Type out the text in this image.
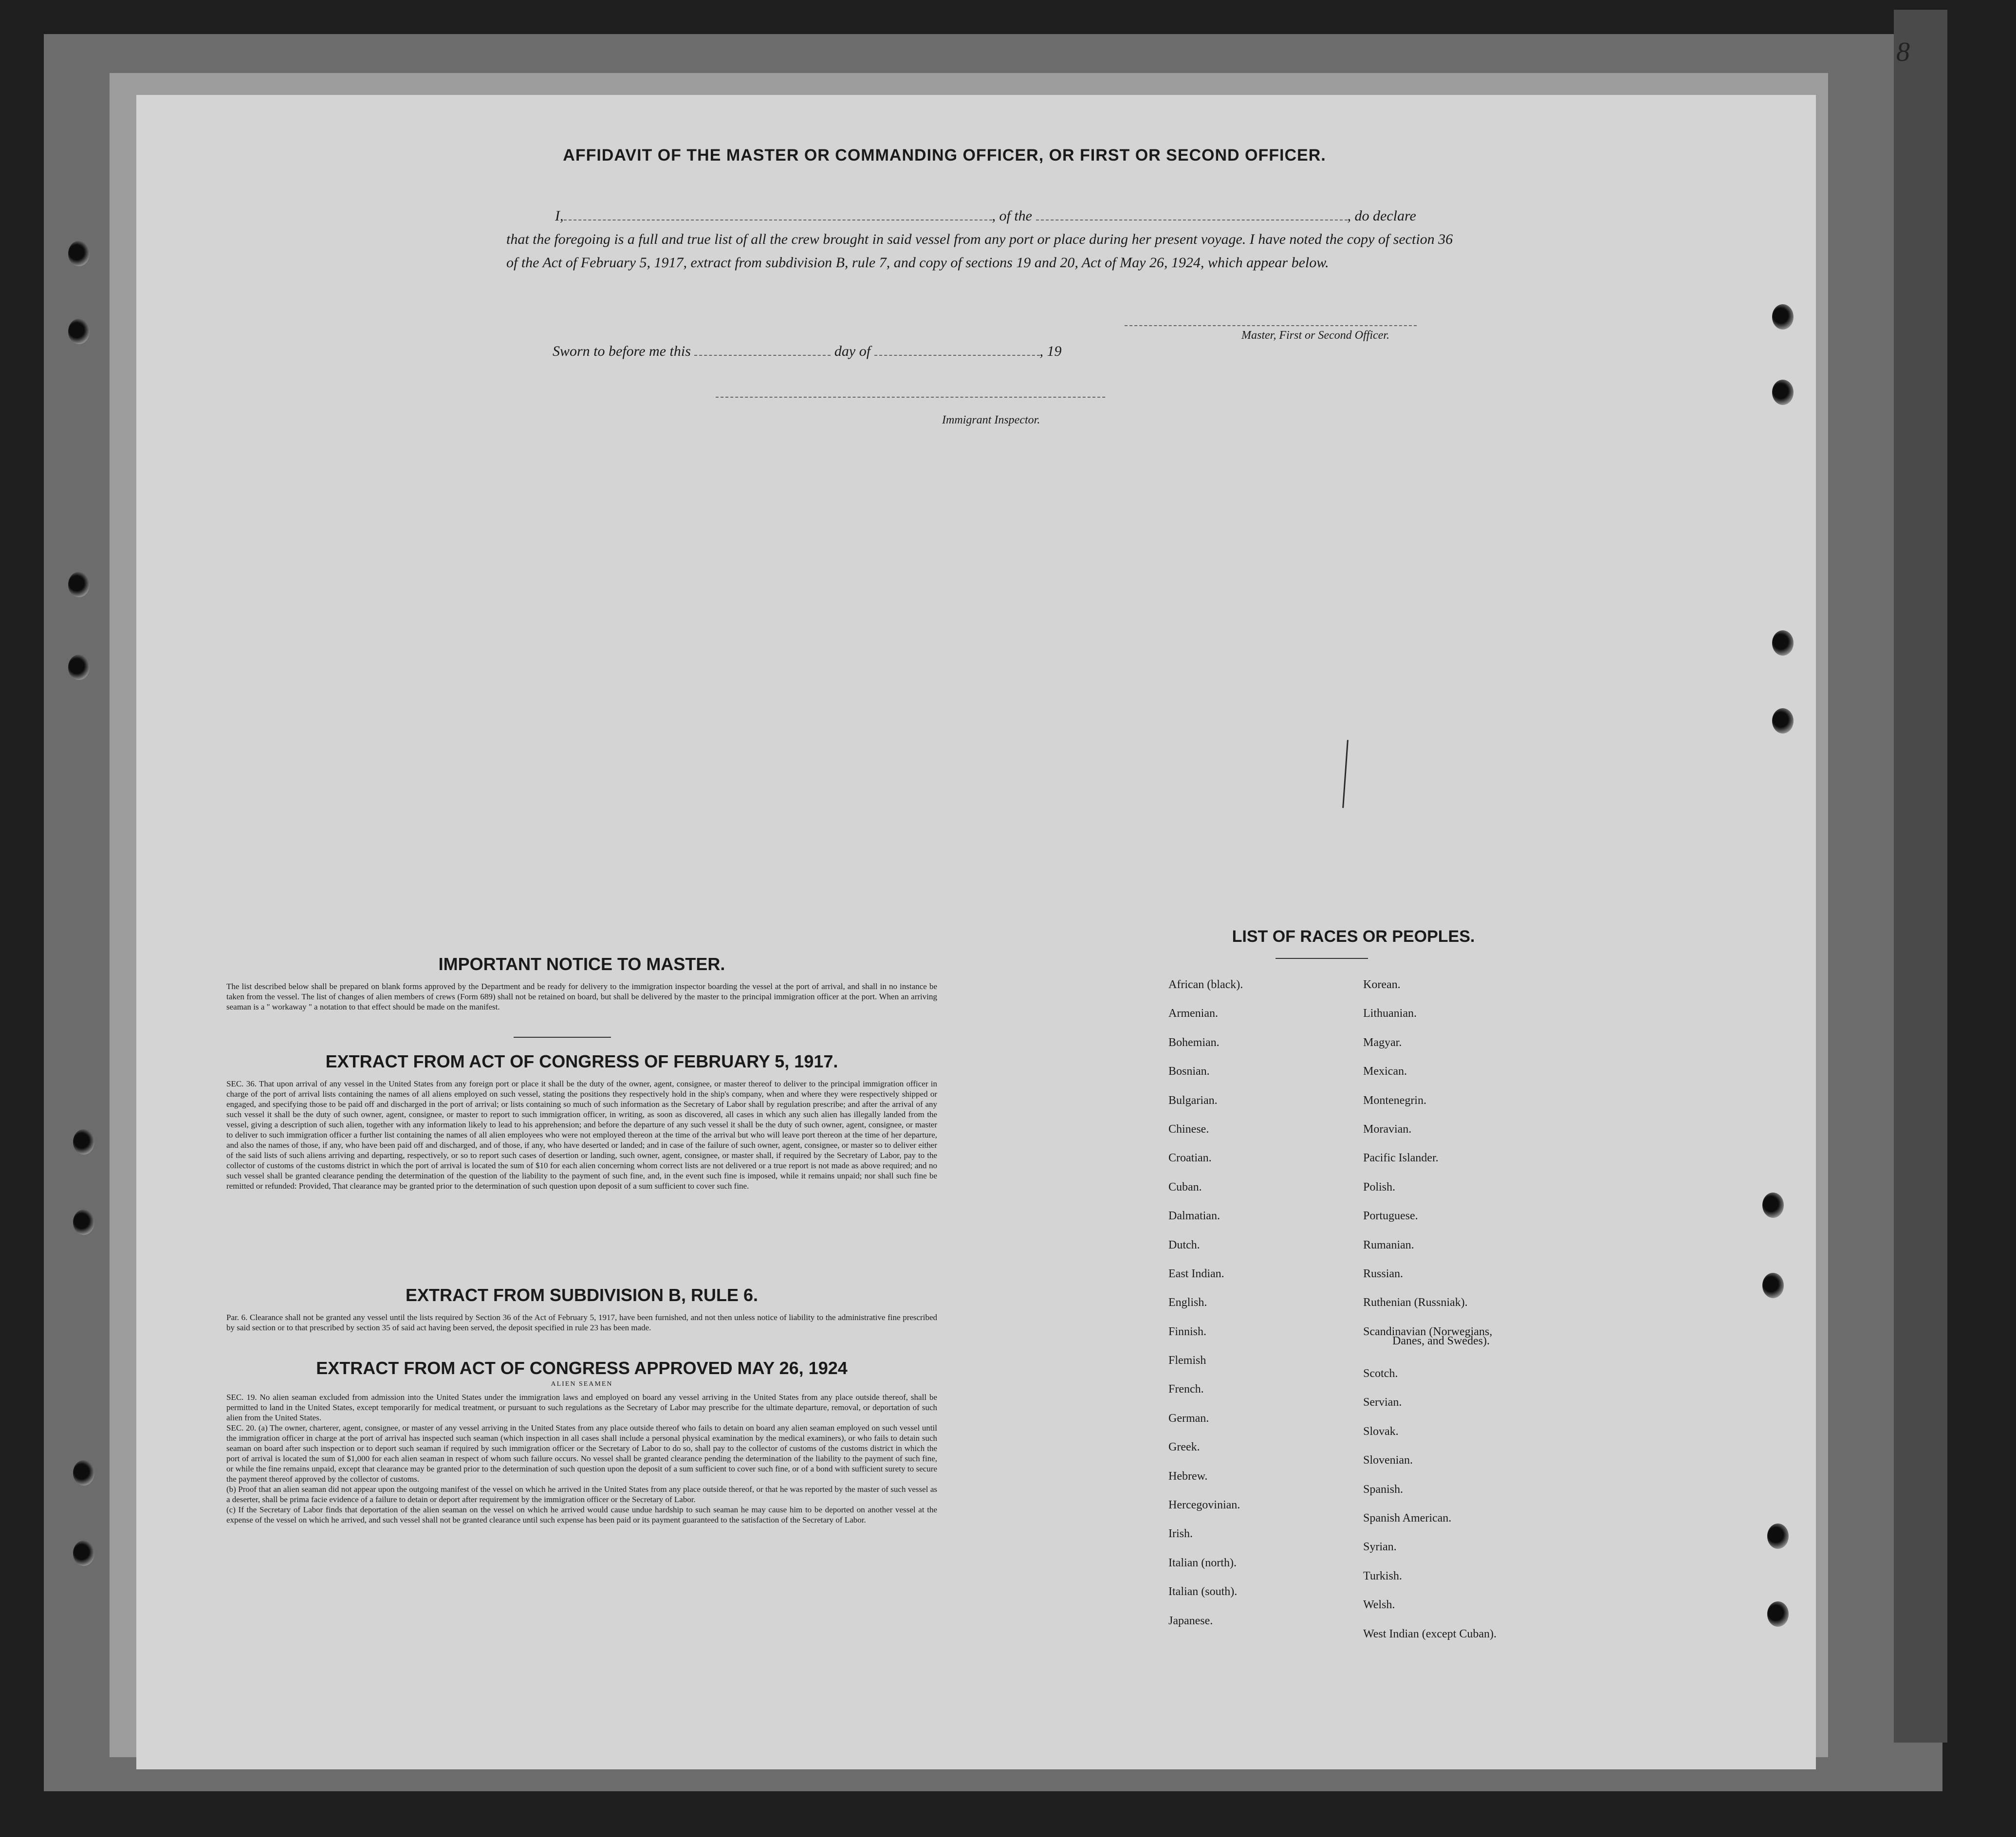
8
AFFIDAVIT OF THE MASTER OR COMMANDING OFFICER, OR FIRST OR SECOND OFFICER.
I,	, of the	, do declare
that the foregoing is a full and true list of all the crew brought in said vessel from any port or place during her present voyage. I have noted the copy of section 36 of the Act of February 5, 1917, extract from subdivision B, rule 7, and copy of sections 19 and 20, Act of May 26, 1924, which appear below.
Master, First or Second Officer.
Sworn to before me this	day of	, 19
Immigrant Inspector.
IMPORTANT NOTICE TO MASTER.
The list described below shall be prepared on blank forms approved by the Department and be ready for delivery to the immigration inspector boarding the vessel at the port of arrival, and shall in no instance be taken from the vessel. The list of changes of alien members of crews (Form 689) shall not be retained on board, but shall be delivered by the master to the principal immigration officer at the port. When an arriving seaman is a " workaway " a notation to that effect should be made on the manifest.
EXTRACT FROM ACT OF CONGRESS OF FEBRUARY 5, 1917.
SEC. 36. That upon arrival of any vessel in the United States from any foreign port or place it shall be the duty of the owner, agent, consignee, or master thereof to deliver to the principal immigration officer in charge of the port of arrival lists containing the names of all aliens employed on such vessel, stating the positions they respectively hold in the ship's company, when and where they were respectively shipped or engaged, and specifying those to be paid off and discharged in the port of arrival; or lists containing so much of such information as the Secretary of Labor shall by regulation prescribe; and after the arrival of any such vessel it shall be the duty of such owner, agent, consignee, or master to report to such immigration officer, in writing, as soon as discovered, all cases in which any such alien has illegally landed from the vessel, giving a description of such alien, together with any information likely to lead to his apprehension; and before the departure of any such vessel it shall be the duty of such owner, agent, consignee, or master to deliver to such immigration officer a further list containing the names of all alien employees who were not employed thereon at the time of the arrival but who will leave port thereon at the time of her departure, and also the names of those, if any, who have been paid off and discharged, and of those, if any, who have deserted or landed; and in case of the failure of such owner, agent, consignee, or master so to deliver either of the said lists of such aliens arriving and departing, respectively, or so to report such cases of desertion or landing, such owner, agent, consignee, or master shall, if required by the Secretary of Labor, pay to the collector of customs of the customs district in which the port of arrival is located the sum of $10 for each alien concerning whom correct lists are not delivered or a true report is not made as above required; and no such vessel shall be granted clearance pending the determination of the question of the liability to the payment of such fine, and, in the event such fine is imposed, while it remains unpaid; nor shall such fine be remitted or refunded: Provided, That clearance may be granted prior to the determination of such question upon deposit of a sum sufficient to cover such fine.
EXTRACT FROM SUBDIVISION B, RULE 6.
Par. 6. Clearance shall not be granted any vessel until the lists required by Section 36 of the Act of February 5, 1917, have been furnished, and not then unless notice of liability to the administrative fine prescribed by said section or to that prescribed by section 35 of said act having been served, the deposit specified in rule 23 has been made.
EXTRACT FROM ACT OF CONGRESS APPROVED MAY 26, 1924
ALIEN SEAMEN
SEC. 19. No alien seaman excluded from admission into the United States under the immigration laws and employed on board any vessel arriving in the United States from any place outside thereof, shall be permitted to land in the United States, except temporarily for medical treatment, or pursuant to such regulations as the Secretary of Labor may prescribe for the ultimate departure, removal, or deportation of such alien from the United States.
SEC. 20. (a) The owner, charterer, agent, consignee, or master of any vessel arriving in the United States from any place outside thereof who fails to detain on board any alien seaman employed on such vessel until the immigration officer in charge at the port of arrival has inspected such seaman (which inspection in all cases shall include a personal physical examination by the medical examiners), or who fails to detain such seaman on board after such inspection or to deport such seaman if required by such immigration officer or the Secretary of Labor to do so, shall pay to the collector of customs of the customs district in which the port of arrival is located the sum of $1,000 for each alien seaman in respect of whom such failure occurs. No vessel shall be granted clearance pending the determination of the liability to the payment of such fine, or while the fine remains unpaid, except that clearance may be granted prior to the determination of such question upon the deposit of a sum sufficient to cover such fine, or of a bond with sufficient surety to secure the payment thereof approved by the collector of customs.
(b) Proof that an alien seaman did not appear upon the outgoing manifest of the vessel on which he arrived in the United States from any place outside thereof, or that he was reported by the master of such vessel as a deserter, shall be prima facie evidence of a failure to detain or deport after requirement by the immigration officer or the Secretary of Labor.
(c) If the Secretary of Labor finds that deportation of the alien seaman on the vessel on which he arrived would cause undue hardship to such seaman he may cause him to be deported on another vessel at the expense of the vessel on which he arrived, and such vessel shall not be granted clearance until such expense has been paid or its payment guaranteed to the satisfaction of the Secretary of Labor.
LIST OF RACES OR PEOPLES.
African (black).
Armenian.
Bohemian.
Bosnian.
Bulgarian.
Chinese.
Croatian.
Cuban.
Dalmatian.
Dutch.
East Indian.
English.
Finnish.
Flemish
French.
German.
Greek.
Hebrew.
Hercegovinian.
Irish.
Italian (north).
Italian (south).
Japanese.
Korean.
Lithuanian.
Magyar.
Mexican.
Montenegrin.
Moravian.
Pacific Islander.
Polish.
Portuguese.
Rumanian.
Russian.
Ruthenian (Russniak).
Scandinavian (Norwegians,
Danes, and Swedes).
Scotch.
Servian.
Slovak.
Slovenian.
Spanish.
Spanish American.
Syrian.
Turkish.
Welsh.
West Indian (except Cuban).
